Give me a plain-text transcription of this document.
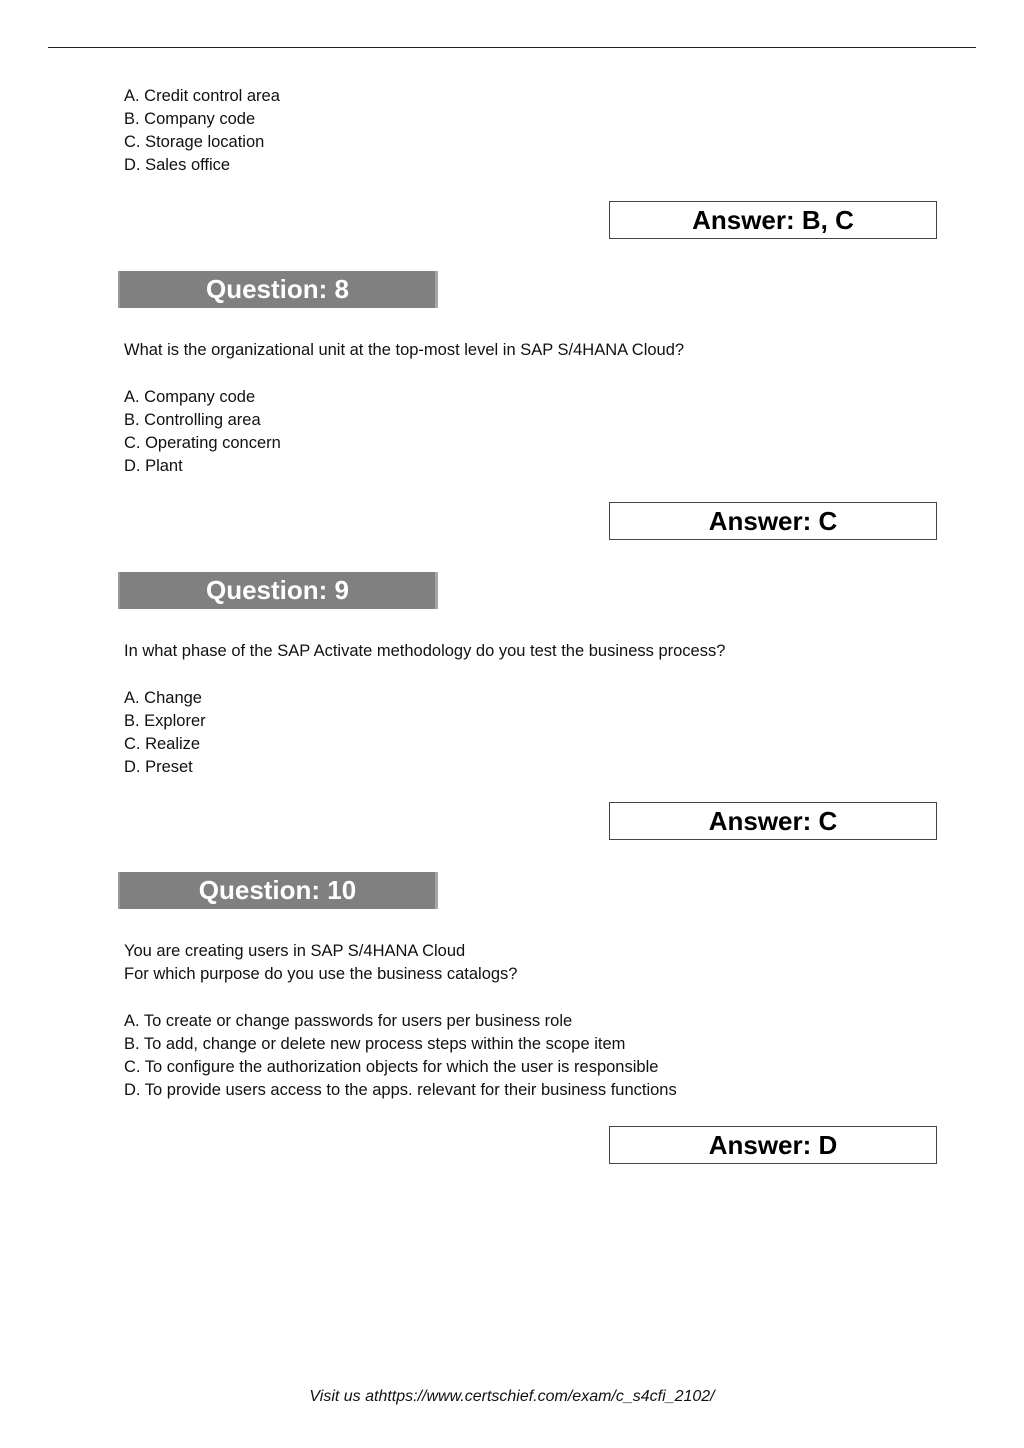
A. Credit control area
B. Company code
C. Storage location
D. Sales office
Answer: B, C
Question: 8
What is the organizational unit at the top-most level in SAP S/4HANA Cloud?
A. Company code
B. Controlling area
C. Operating concern
D. Plant
Answer: C
Question: 9
In what phase of the SAP Activate methodology do you test the business process?
A. Change
B. Explorer
C. Realize
D. Preset
Answer: C
Question: 10
You are creating users in SAP S/4HANA Cloud
For which purpose do you use the business catalogs?
A. To create or change passwords for users per business role
B. To add, change or delete new process steps within the scope item
C. To configure the authorization objects for which the user is responsible
D. To provide users access to the apps. relevant for their business functions
Answer: D
Visit us athttps://www.certschief.com/exam/c_s4cfi_2102/
